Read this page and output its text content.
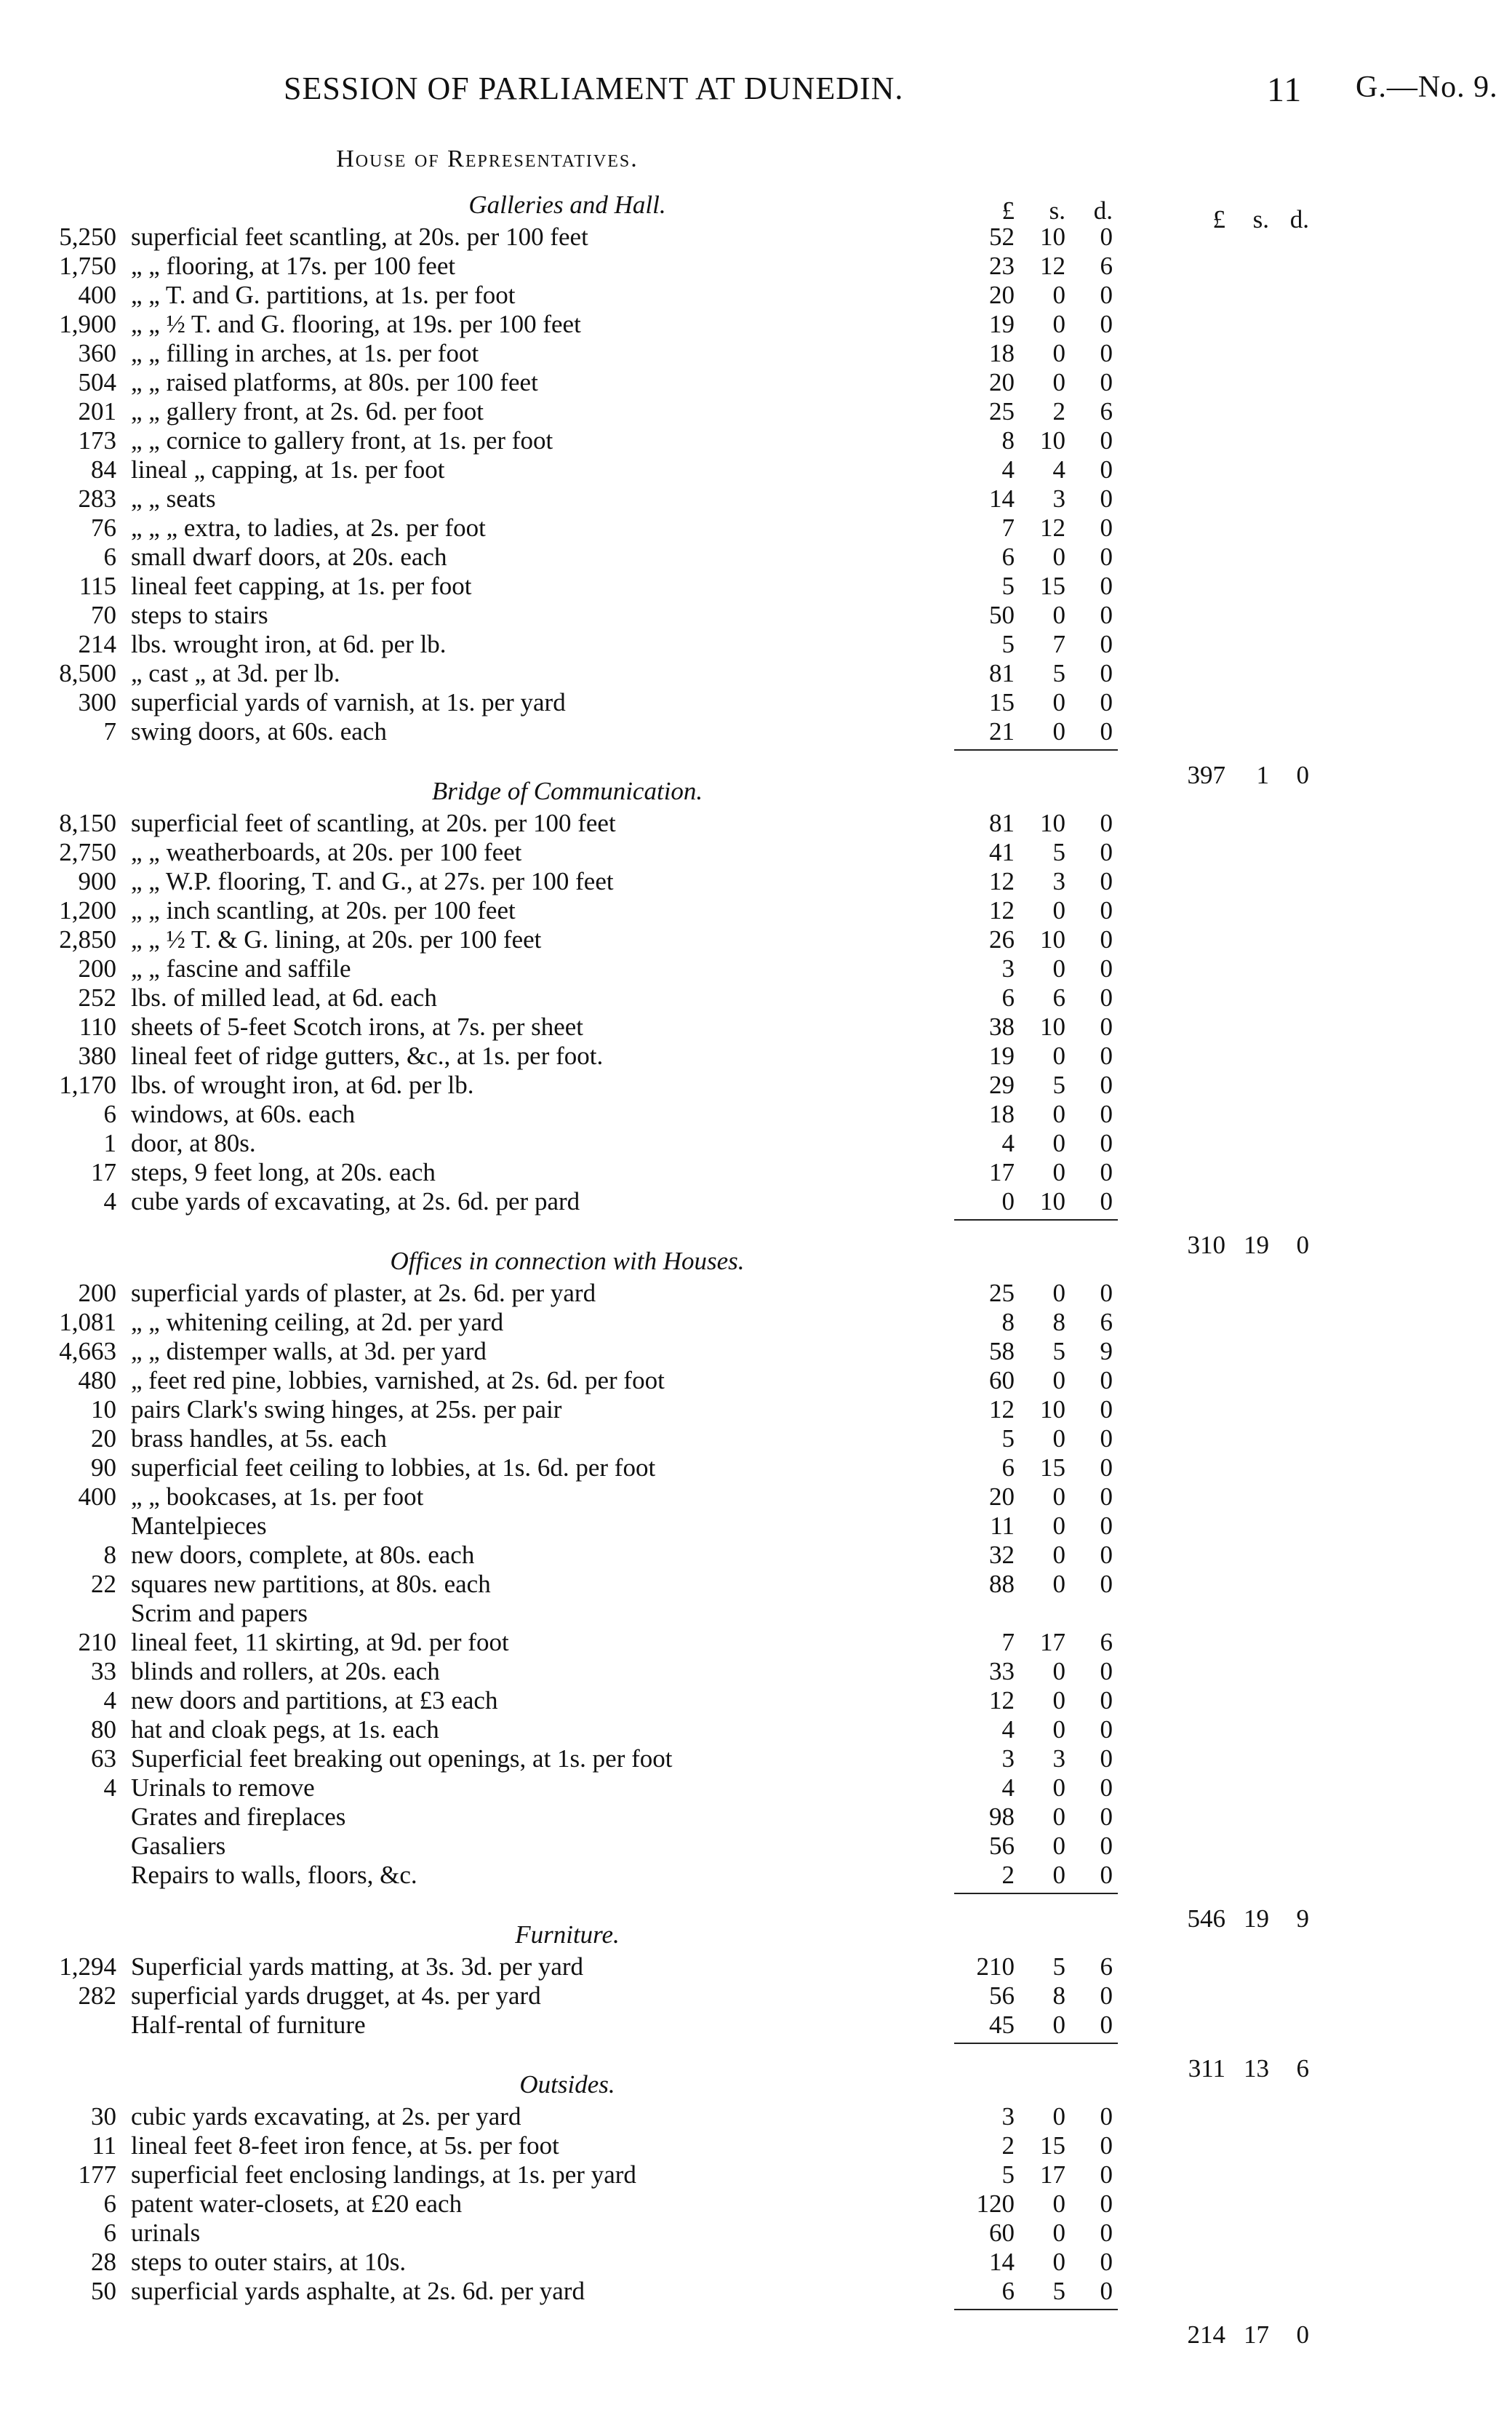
SESSION OF PARLIAMENT AT DUNEDIN.	11 G.—No. 9.
House of Representatives.
Galleries and Hall.	£	s.	d.	£	s. d.
5,250 superficial feet scantling, at 20s. per 100 feet	52	10	0
1,750 „ „ flooring, at 17s. per 100 feet	23	12	6
400 „ „ T. and G. partitions, at 1s. per foot	20	0	0
1,900 „ „ ½ T. and G. flooring, at 19s. per 100 feet	19	0	0
360 „ „ filling in arches, at 1s. per foot	18	0	0
504 „ „ raised platforms, at 80s. per 100 feet	20	0	0
201 „ „ gallery front, at 2s. 6d. per foot	25	2	6
173 „ „ cornice to gallery front, at 1s. per foot	8	10	0
84 lineal „ capping, at 1s. per foot	4	4	0
283 „ „ seats	14	3	0
76 „ „ „ extra, to ladies, at 2s. per foot	7	12	0
6 small dwarf doors, at 20s. each	6	0	0
115 lineal feet capping, at 1s. per foot	5	15	0
70 steps to stairs	50	0	0
214 lbs. wrought iron, at 6d. per lb.	5	7	0
8,500 „ cast „ at 3d. per lb.	81	5	0
300 superficial yards of varnish, at 1s. per yard	15	0	0
7 swing doors, at 60s. each	21	0	0
397	1	0
Bridge of Communication.
8,150 superficial feet of scantling, at 20s. per 100 feet	81	10	0
2,750 „ „ weatherboards, at 20s. per 100 feet	41	5	0
900 „ „ W.P. flooring, T. and G., at 27s. per 100 feet	12	3	0
1,200 „ „ inch scantling, at 20s. per 100 feet	12	0	0
2,850 „ „ ½ T. & G. lining, at 20s. per 100 feet	26	10	0
200 „ „ fascine and saffile	3	0	0
252 lbs. of milled lead, at 6d. each	6	6	0
110 sheets of 5-feet Scotch irons, at 7s. per sheet	38	10	0
380 lineal feet of ridge gutters, &c., at 1s. per foot.	19	0	0
1,170 lbs. of wrought iron, at 6d. per lb.	29	5	0
6 windows, at 60s. each	18	0	0
1 door, at 80s.	4	0	0
17 steps, 9 feet long, at 20s. each	17	0	0
4 cube yards of excavating, at 2s. 6d. per pard	0	10	0
310 19	0
Offices in connection with Houses.
200 superficial yards of plaster, at 2s. 6d. per yard	25	0	0
1,081 „ „ whitening ceiling, at 2d. per yard	8	8	6
4,663 „ „ distemper walls, at 3d. per yard	58	5	9
480 „ feet red pine, lobbies, varnished, at 2s. 6d. per foot	60	0	0
10 pairs Clark's swing hinges, at 25s. per pair	12	10	0
20 brass handles, at 5s. each	5	0	0
90 superficial feet ceiling to lobbies, at 1s. 6d. per foot	6	15	0
400 „ „ bookcases, at 1s. per foot	20	0	0
Mantelpieces	11	0	0
8 new doors, complete, at 80s. each	32	0	0
22 squares new partitions, at 80s. each	88	0	0
Scrim and papers
210 lineal feet, 11 skirting, at 9d. per foot	7	17	6
33 blinds and rollers, at 20s. each	33	0	0
4 new doors and partitions, at £3 each	12	0	0
80 hat and cloak pegs, at 1s. each	4	0	0
63 Superficial feet breaking out openings, at 1s. per foot	3	3	0
4 Urinals to remove	4	0	0
Grates and fireplaces	98	0	0
Gasaliers	56	0	0
Repairs to walls, floors, &c.	2	0	0
546 19	9
Furniture.
1,294 Superficial yards matting, at 3s. 3d. per yard	210	5	6
282 superficial yards drugget, at 4s. per yard	56	8	0
Half-rental of furniture	45	0	0
311 13	6
Outsides.
30 cubic yards excavating, at 2s. per yard	3	0	0
11 lineal feet 8-feet iron fence, at 5s. per foot	2	15	0
177 superficial feet enclosing landings, at 1s. per yard	5	17	0
6 patent water-closets, at £20 each	120	0	0
6 urinals	60	0	0
28 steps to outer stairs, at 10s.	14	0	0
50 superficial yards asphalte, at 2s. 6d. per yard	6	5	0
214 17	0
